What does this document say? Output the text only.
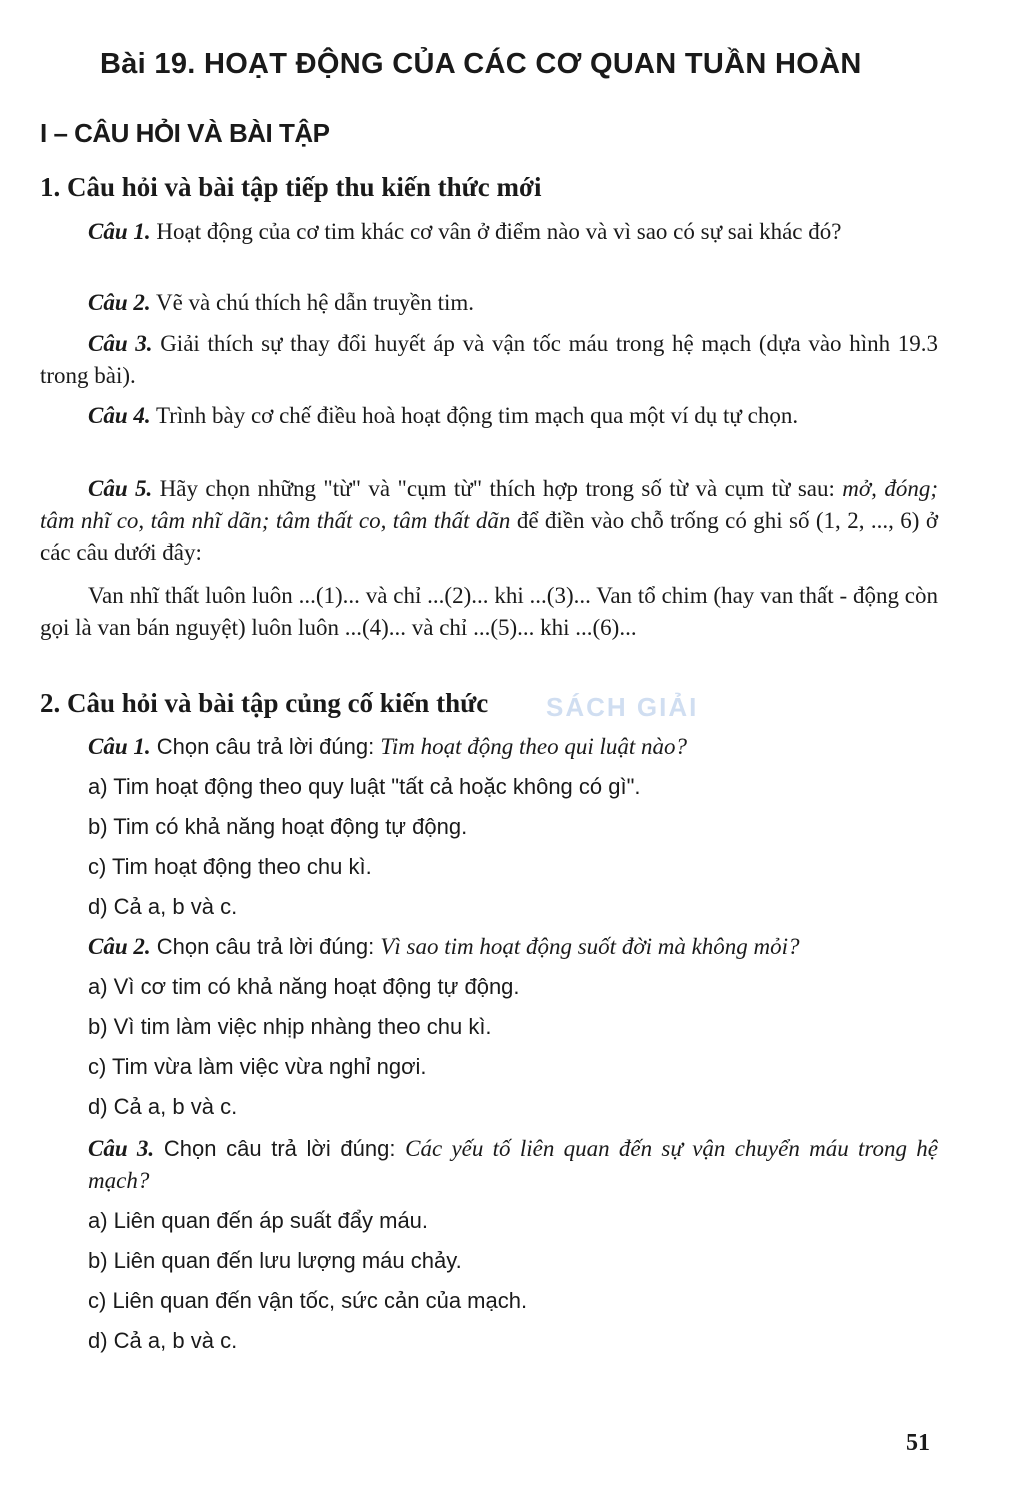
Bài 19. HOẠT ĐỘNG CỦA CÁC CƠ QUAN TUẦN HOÀN
I – CÂU HỎI VÀ BÀI TẬP
1. Câu hỏi và bài tập tiếp thu kiến thức mới
Câu 1. Hoạt động của cơ tim khác cơ vân ở điểm nào và vì sao có sự sai khác đó?
Câu 2. Vẽ và chú thích hệ dẫn truyền tim.
Câu 3. Giải thích sự thay đổi huyết áp và vận tốc máu trong hệ mạch (dựa vào hình 19.3 trong bài).
Câu 4. Trình bày cơ chế điều hoà hoạt động tim mạch qua một ví dụ tự chọn.
Câu 5. Hãy chọn những "từ" và "cụm từ" thích hợp trong số từ và cụm từ sau: mở, đóng; tâm nhĩ co, tâm nhĩ dãn; tâm thất co, tâm thất dãn để điền vào chỗ trống có ghi số (1, 2, ..., 6) ở các câu dưới đây:
Van nhĩ thất luôn luôn ...(1)... và chỉ ...(2)... khi ...(3)... Van tổ chim (hay van thất - động còn gọi là van bán nguyệt) luôn luôn ...(4)... và chỉ ...(5)... khi ...(6)...
2. Câu hỏi và bài tập củng cố kiến thức SÁCH GIẢI
Câu 1. Chọn câu trả lời đúng: Tim hoạt động theo qui luật nào?
a) Tim hoạt động theo quy luật "tất cả hoặc không có gì".
b) Tim có khả năng hoạt động tự động.
c) Tim hoạt động theo chu kì.
d) Cả a, b và c.
Câu 2. Chọn câu trả lời đúng: Vì sao tim hoạt động suốt đời mà không mỏi?
a) Vì cơ tim có khả năng hoạt động tự động.
b) Vì tim làm việc nhịp nhàng theo chu kì.
c) Tim vừa làm việc vừa nghỉ ngơi.
d) Cả a, b và c.
Câu 3. Chọn câu trả lời đúng: Các yếu tố liên quan đến sự vận chuyển máu trong hệ mạch?
a) Liên quan đến áp suất đẩy máu.
b) Liên quan đến lưu lượng máu chảy.
c) Liên quan đến vận tốc, sức cản của mạch.
d) Cả a, b và c.
51
